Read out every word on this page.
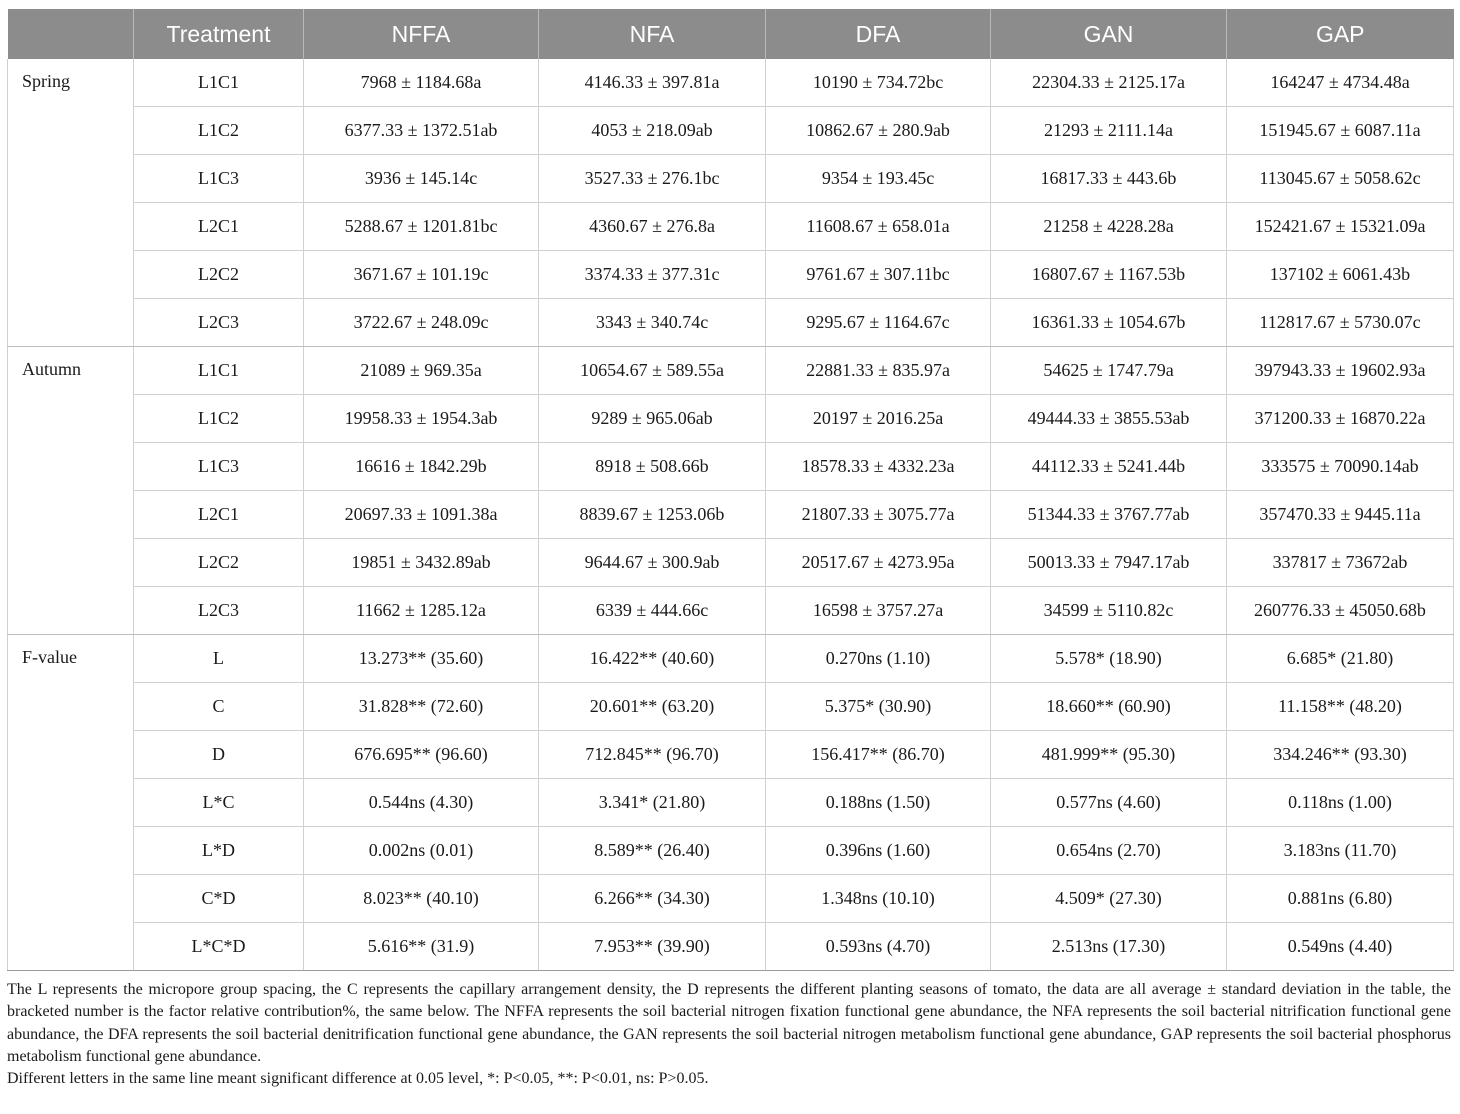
	Treatment	NFFA	NFA	DFA	GAN	GAP
Spring	L1C1	7968 ± 1184.68a	4146.33 ± 397.81a	10190 ± 734.72bc	22304.33 ± 2125.17a	164247 ± 4734.48a
	L1C2	6377.33 ± 1372.51ab	4053 ± 218.09ab	10862.67 ± 280.9ab	21293 ± 2111.14a	151945.67 ± 6087.11a
	L1C3	3936 ± 145.14c	3527.33 ± 276.1bc	9354 ± 193.45c	16817.33 ± 443.6b	113045.67 ± 5058.62c
	L2C1	5288.67 ± 1201.81bc	4360.67 ± 276.8a	11608.67 ± 658.01a	21258 ± 4228.28a	152421.67 ± 15321.09a
	L2C2	3671.67 ± 101.19c	3374.33 ± 377.31c	9761.67 ± 307.11bc	16807.67 ± 1167.53b	137102 ± 6061.43b
	L2C3	3722.67 ± 248.09c	3343 ± 340.74c	9295.67 ± 1164.67c	16361.33 ± 1054.67b	112817.67 ± 5730.07c
Autumn	L1C1	21089 ± 969.35a	10654.67 ± 589.55a	22881.33 ± 835.97a	54625 ± 1747.79a	397943.33 ± 19602.93a
	L1C2	19958.33 ± 1954.3ab	9289 ± 965.06ab	20197 ± 2016.25a	49444.33 ± 3855.53ab	371200.33 ± 16870.22a
	L1C3	16616 ± 1842.29b	8918 ± 508.66b	18578.33 ± 4332.23a	44112.33 ± 5241.44b	333575 ± 70090.14ab
	L2C1	20697.33 ± 1091.38a	8839.67 ± 1253.06b	21807.33 ± 3075.77a	51344.33 ± 3767.77ab	357470.33 ± 9445.11a
	L2C2	19851 ± 3432.89ab	9644.67 ± 300.9ab	20517.67 ± 4273.95a	50013.33 ± 7947.17ab	337817 ± 73672ab
	L2C3	11662 ± 1285.12a	6339 ± 444.66c	16598 ± 3757.27a	34599 ± 5110.82c	260776.33 ± 45050.68b
F-value	L	13.273** (35.60)	16.422** (40.60)	0.270ns (1.10)	5.578* (18.90)	6.685* (21.80)
	C	31.828** (72.60)	20.601** (63.20)	5.375* (30.90)	18.660** (60.90)	11.158** (48.20)
	D	676.695** (96.60)	712.845** (96.70)	156.417** (86.70)	481.999** (95.30)	334.246** (93.30)
	L*C	0.544ns (4.30)	3.341* (21.80)	0.188ns (1.50)	0.577ns (4.60)	0.118ns (1.00)
	L*D	0.002ns (0.01)	8.589** (26.40)	0.396ns (1.60)	0.654ns (2.70)	3.183ns (11.70)
	C*D	8.023** (40.10)	6.266** (34.30)	1.348ns (10.10)	4.509* (27.30)	0.881ns (6.80)
	L*C*D	5.616** (31.9)	7.953** (39.90)	0.593ns (4.70)	2.513ns (17.30)	0.549ns (4.40)

The L represents the micropore group spacing, the C represents the capillary arrangement density, the D represents the different planting seasons of tomato, the data are all average ± standard deviation in the table, the bracketed number is the factor relative contribution%, the same below. The NFFA represents the soil bacterial nitrogen fixation functional gene abundance, the NFA represents the soil bacterial nitrification functional gene abundance, the DFA represents the soil bacterial denitrification functional gene abundance, the GAN represents the soil bacterial nitrogen metabolism functional gene abundance, GAP represents the soil bacterial phosphorus metabolism functional gene abundance.

Different letters in the same line meant significant difference at 0.05 level, *: P<0.05, **: P<0.01, ns: P>0.05.
